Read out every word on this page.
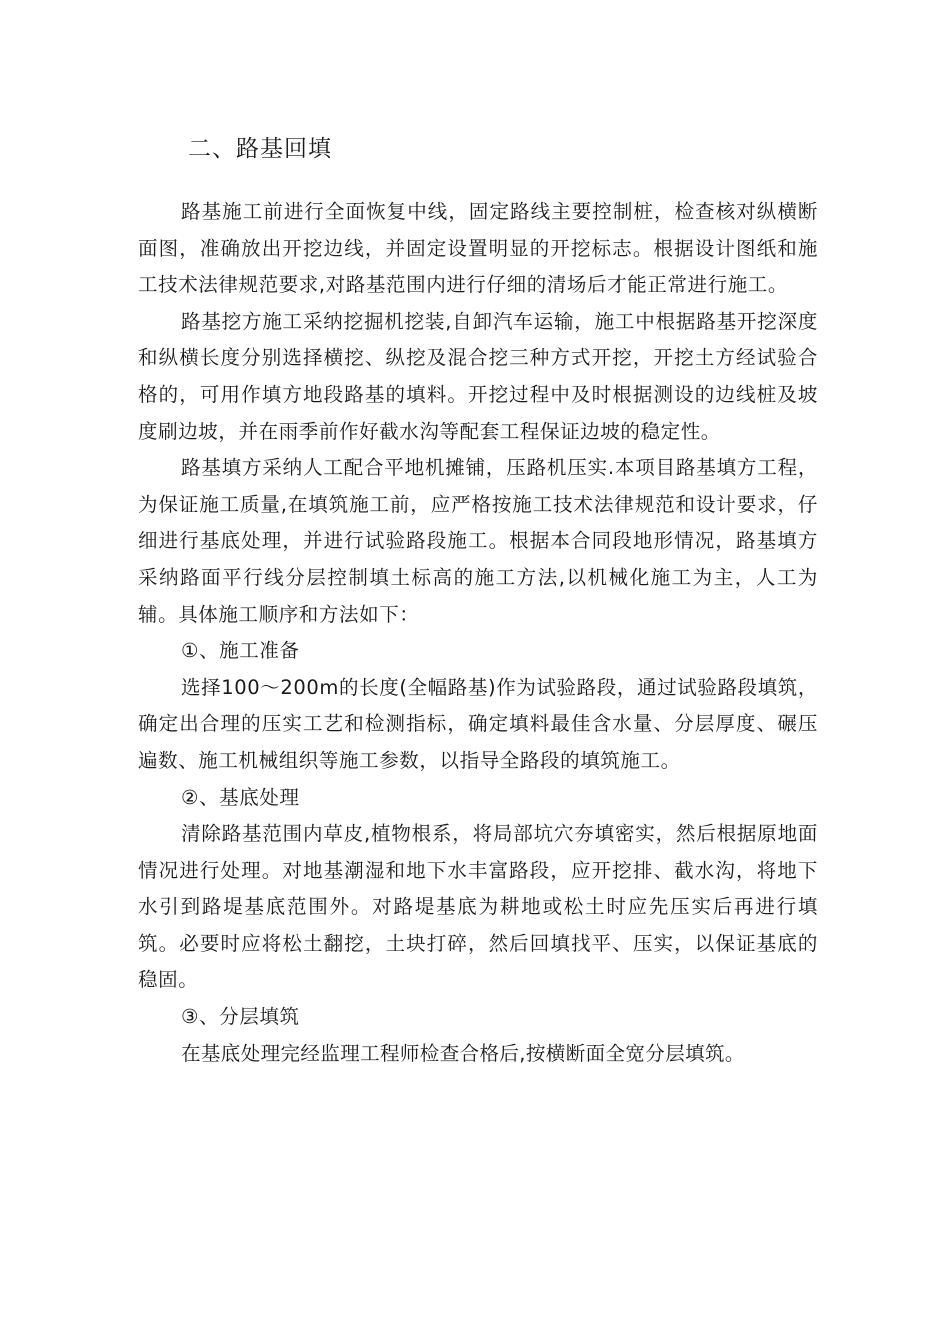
二、路基回填

路基施工前进行全面恢复中线，固定路线主要控制桩，检查核对纵横断面图，准确放出开挖边线，并固定设置明显的开挖标志。根据设计图纸和施工技术法律规范要求,对路基范围内进行仔细的清场后才能正常进行施工。

路基挖方施工采纳挖掘机挖装,自卸汽车运输，施工中根据路基开挖深度和纵横长度分别选择横挖、纵挖及混合挖三种方式开挖，开挖土方经试验合格的，可用作填方地段路基的填料。开挖过程中及时根据测设的边线桩及坡度刷边坡，并在雨季前作好截水沟等配套工程保证边坡的稳定性。

路基填方采纳人工配合平地机摊铺，压路机压实.本项目路基填方工程，为保证施工质量,在填筑施工前，应严格按施工技术法律规范和设计要求，仔细进行基底处理，并进行试验路段施工。根据本合同段地形情况，路基填方采纳路面平行线分层控制填土标高的施工方法,以机械化施工为主，人工为辅。具体施工顺序和方法如下：

①、施工准备

选择100～200m的长度(全幅路基)作为试验路段，通过试验路段填筑，确定出合理的压实工艺和检测指标，确定填料最佳含水量、分层厚度、碾压遍数、施工机械组织等施工参数，以指导全路段的填筑施工。

②、基底处理

清除路基范围内草皮,植物根系，将局部坑穴夯填密实，然后根据原地面情况进行处理。对地基潮湿和地下水丰富路段，应开挖排、截水沟，将地下水引到路堤基底范围外。对路堤基底为耕地或松土时应先压实后再进行填筑。必要时应将松土翻挖，土块打碎，然后回填找平、压实，以保证基底的稳固。

③、分层填筑

在基底处理完经监理工程师检查合格后,按横断面全宽分层填筑。
